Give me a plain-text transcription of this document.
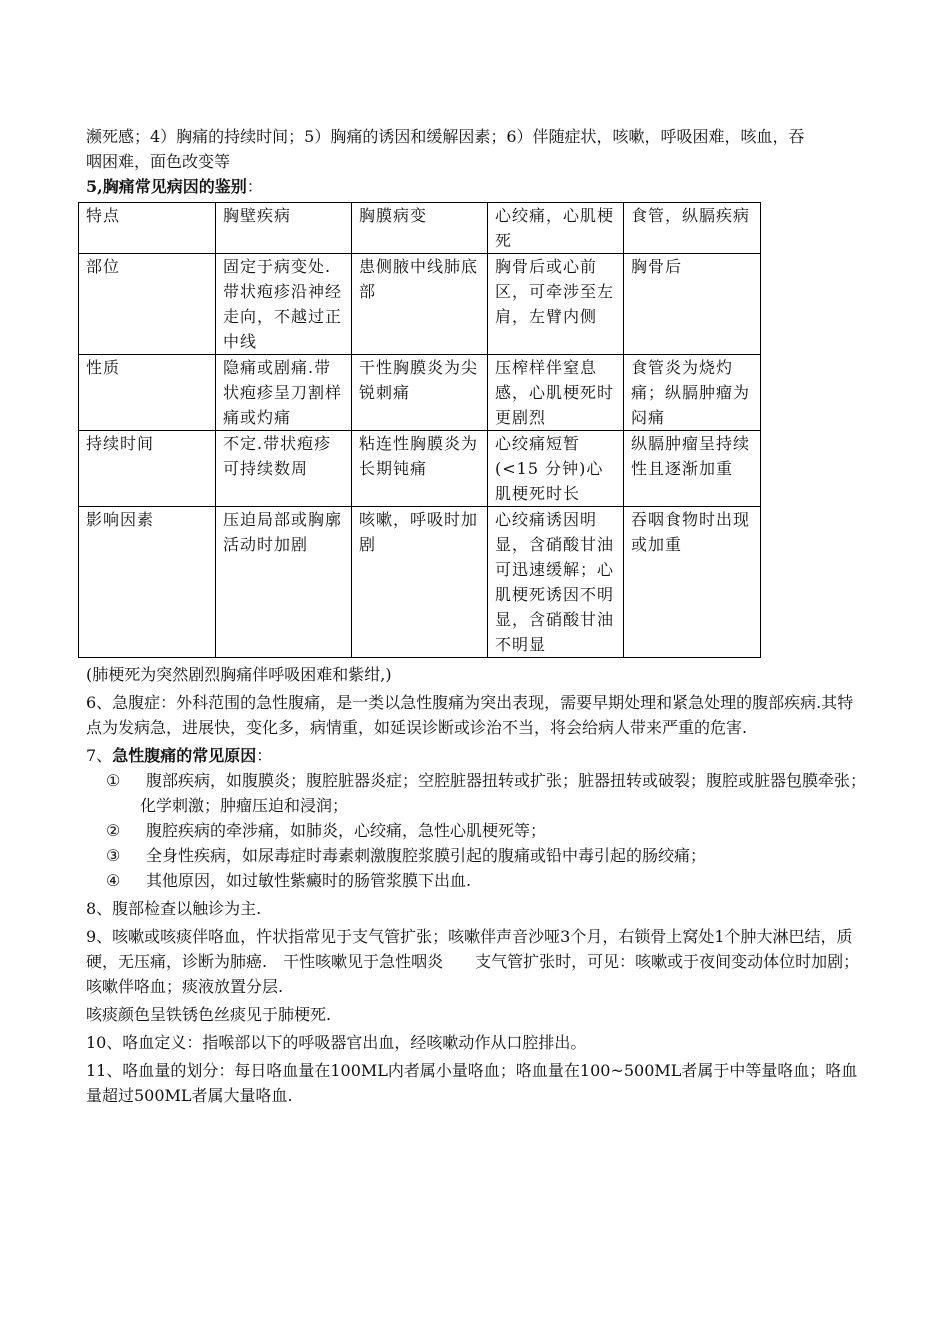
濒死感；4）胸痛的持续时间；5）胸痛的诱因和缓解因素；6）伴随症状，咳嗽，呼吸困难，咳血，吞

咽困难，面色改变等

5,胸痛常见病因的鉴别：

特点	胸壁疾病	胸膜病变	心绞痛，心肌梗死	食管，纵膈疾病
部位	固定于病变处.带状疱疹沿神经走向，不越过正中线	患侧腋中线肺底部	胸骨后或心前区，可牵涉至左肩，左臂内侧	胸骨后
性质	隐痛或剧痛.带状疱疹呈刀割样痛或灼痛	干性胸膜炎为尖锐刺痛	压榨样伴窒息感，心肌梗死时更剧烈	食管炎为烧灼痛；纵膈肿瘤为闷痛
持续时间	不定.带状疱疹可持续数周	粘连性胸膜炎为长期钝痛	心绞痛短暂(<15 分钟)心肌梗死时长	纵膈肿瘤呈持续性且逐渐加重
影响因素	压迫局部或胸廓活动时加剧	咳嗽，呼吸时加剧	心绞痛诱因明显，含硝酸甘油可迅速缓解；心肌梗死诱因不明显，含硝酸甘油不明显	吞咽食物时出现或加重

(肺梗死为突然剧烈胸痛伴呼吸困难和紫绀,)

6、急腹症：外科范围的急性腹痛，是一类以急性腹痛为突出表现，需要早期处理和紧急处理的腹部疾病.其特点为发病急，进展快，变化多，病情重，如延误诊断或诊治不当，将会给病人带来严重的危害.

7、急性腹痛的常见原因：

① 腹部疾病，如腹膜炎；腹腔脏器炎症；空腔脏器扭转或扩张；脏器扭转或破裂；腹腔或脏器包膜牵张；化学刺激；肿瘤压迫和浸润；

② 腹腔疾病的牵涉痛，如肺炎，心绞痛，急性心肌梗死等；

③ 全身性疾病，如尿毒症时毒素刺激腹腔浆膜引起的腹痛或铅中毒引起的肠绞痛；

④ 其他原因，如过敏性紫癜时的肠管浆膜下出血.

8、腹部检查以触诊为主.

9、咳嗽或咳痰伴咯血，忤状指常见于支气管扩张；咳嗽伴声音沙哑3个月，右锁骨上窝处1个肿大淋巴结，质硬，无压痛，诊断为肺癌.　干性咳嗽见于急性咽炎　　支气管扩张时，可见：咳嗽或于夜间变动体位时加剧；咳嗽伴咯血；痰液放置分层.

咳痰颜色呈铁锈色丝痰见于肺梗死.

10、咯血定义：指喉部以下的呼吸器官出血，经咳嗽动作从口腔排出。

11、咯血量的划分：每日咯血量在100ML内者属小量咯血；咯血量在100~500ML者属于中等量咯血；咯血量超过500ML者属大量咯血.
